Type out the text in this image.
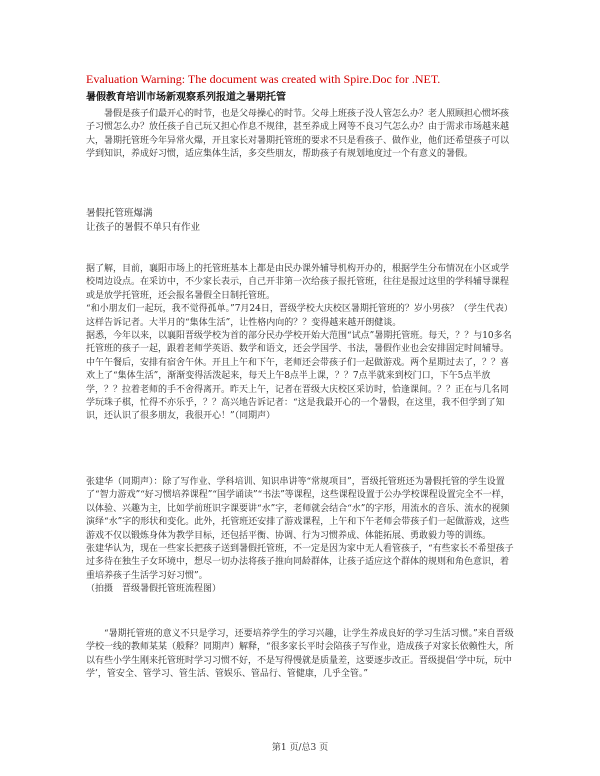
Evaluation Warning: The document was created with Spire.Doc for .NET.
暑假教育培训市场新观察系列报道之暑期托管

暑假是孩子们最开心的时节，也是父母操心的时节。父母上班孩子没人管怎么办？老人照顾担心惯坏孩子习惯怎么办？放任孩子自己玩又担心作息不规律，甚至养成上网等不良习气怎么办？由于需求市场越来越大，暑期托管班今年异常火爆，开且家长对暑期托管班的要求不只是看孩子、做作业，他们还希望孩子可以学到知识，养成好习惯，适应集体生活，多交些朋友，帮助孩子有规划地度过一个有意义的暑假。

暑假托管班爆满
让孩子的暑假不单只有作业

据了解，目前，襄阳市场上的托管班基本上都是由民办课外辅导机构开办的，根据学生分布情况在小区或学校周边设点。在采访中，不少家长表示，自己开非第一次给孩子报托管班，往往是报过这里的学科辅导课程或是放学托管班，还会报名暑假全日制托管班。

“和小朋友们一起玩，我不觉得孤单。”7月24日，晋级学校大庆校区暑期托管班的？岁小男孩？（学生代表）这样告诉记者。大半月的“集体生活”，让性格内向的？？变得越来越开朗健谈。

据悉，今年以来，以襄阳晋级学校为首的部分民办学校开始大范围“试点”暑期托管班。每天，？？与10多名托管班的孩子一起，跟着老师学英语、数学和语文，还会学国学、书法，暑假作业也会安排固定时间辅导。中午午餐后，安排有宿舍午休。开且上午和下午，老师还会带孩子们一起做游戏。两个星期过去了，？？喜欢上了“集体生活”，渐渐变得活泼起来，每天上午8点半上课，？？7点半就来到校门口，下午5点半放学，？？拉着老师的手不舍得离开。昨天上午，记者在晋级大庆校区采访时，恰逢课间。？？正在与几名同学玩珠子棋，忙得不亦乐乎，？？高兴地告诉记者：“这是我最开心的一个暑假，在这里，我不但学到了知识，还认识了很多朋友，我很开心！”（同期声）

张建华（同期声）：除了写作业、学科培训、知识串讲等“常规项目”，晋级托管班还为暑假托管的学生设置了“智力游戏”“好习惯培养课程”“国学诵读”“书法”等课程，这些课程设置于公办学校课程设置完全不一样，以体验、兴趣为主，比如学前班识字课要讲“水”字，老师就会结合“水”的字形，用流水的音乐、流水的视频演绎“水”字的形状和变化。此外，托管班还安排了游戏课程，上午和下午老师会带孩子们一起做游戏，这些游戏不仅以锻炼身体为教学目标，还包括平衡、协调、行为习惯养成、体能拓展、勇敢毅力等的训练。

张建华认为，现在一些家长把孩子送到暑假托管班，不一定是因为家中无人看管孩子，“有些家长不希望孩子过多待在独生子女环境中，想尽一切办法将孩子推向同龄群体，让孩子适应这个群体的规则和角色意识，着重培养孩子生活学习好习惯”。

（拍摄　晋级暑假托管班流程图）

“暑期托管班的意义不只是学习，还要培养学生的学习兴趣，让学生养成良好的学习生活习惯。”来自晋级学校一线的教师某某（般释？同期声）解释，“很多家长平时会陪孩子写作业，造成孩子对家长依赖性大，所以有些小学生刚来托管班时学习习惯不好，不是写得慢就是质量差，这要逐步改正。晋级提倡‘学中玩，玩中学’，管安全、管学习、管生活、管娱乐、管品行、管健康，几乎全管。”

第1 页/总3 页
